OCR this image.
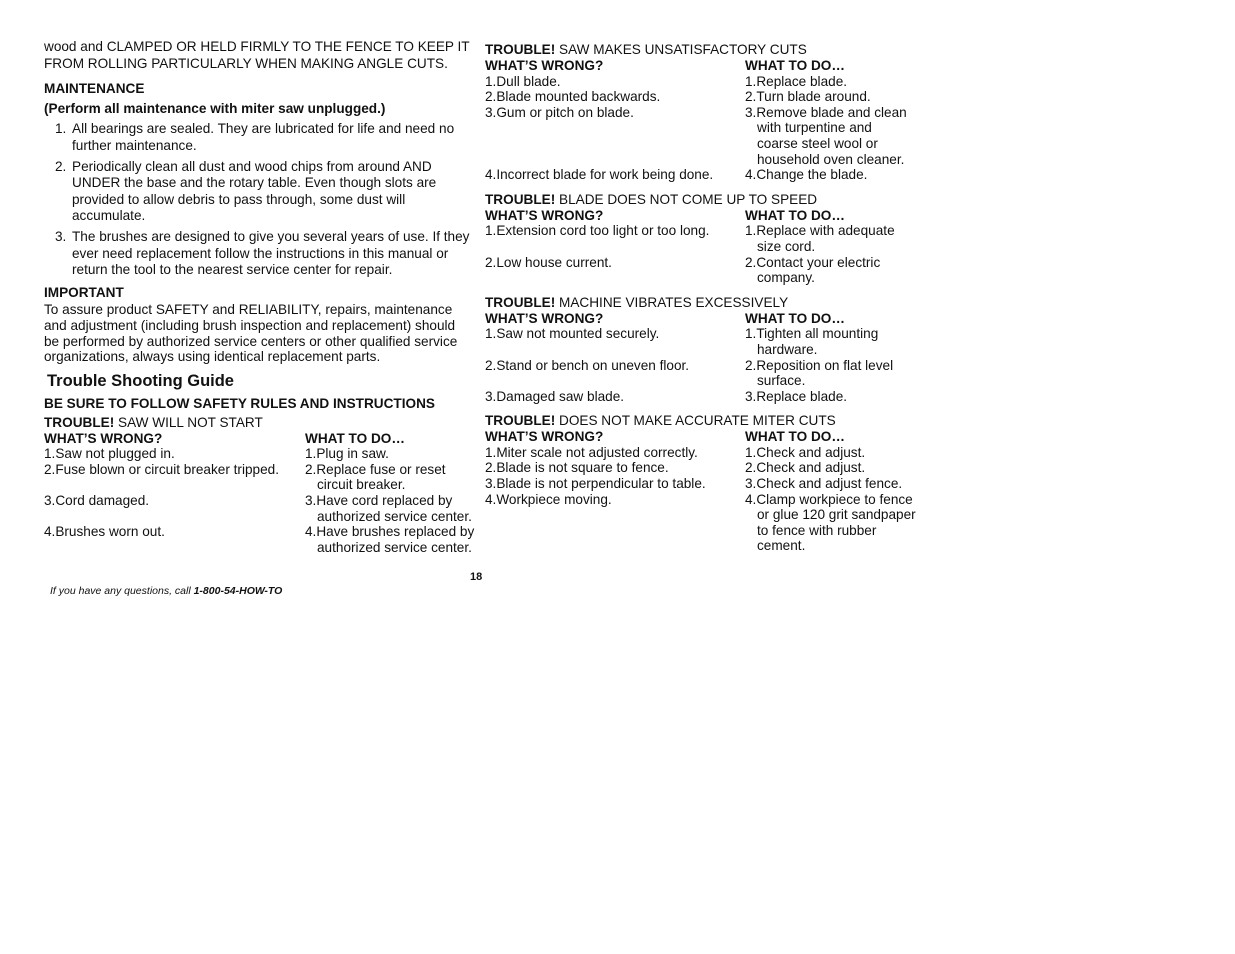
wood and CLAMPED OR HELD FIRMLY TO THE FENCE TO KEEP IT FROM ROLLING PARTICULARLY WHEN MAKING ANGLE CUTS.

MAINTENANCE

(Perform all maintenance with miter saw unplugged.)

1. All bearings are sealed. They are lubricated for life and need no further maintenance.
2. Periodically clean all dust and wood chips from around AND UNDER the base and the rotary table. Even though slots are provided to allow debris to pass through, some dust will accumulate.
3. The brushes are designed to give you several years of use. If they ever need replacement follow the instructions in this manual or return the tool to the nearest service center for repair.

IMPORTANT

To assure product SAFETY and RELIABILITY, repairs, maintenance and adjustment (including brush inspection and replacement) should be performed by authorized service centers or other qualified service organizations, always using identical replacement parts.

Trouble Shooting Guide

BE SURE TO FOLLOW SAFETY RULES AND INSTRUCTIONS

TROUBLE! SAW WILL NOT START

WHAT’S WRONG?	WHAT TO DO…
1.Saw not plugged in.	1.Plug in saw.
2.Fuse blown or circuit breaker tripped.	2.Replace fuse or reset circuit breaker.
3.Cord damaged.	3.Have cord replaced by authorized service center.
4.Brushes worn out.	4.Have brushes replaced by authorized service center.

TROUBLE! SAW MAKES UNSATISFACTORY CUTS

WHAT’S WRONG?	WHAT TO DO…
1.Dull blade.	1.Replace blade.
2.Blade mounted backwards.	2.Turn blade around.
3.Gum or pitch on blade.	3.Remove blade and clean with turpentine and coarse steel wool or household oven cleaner.
4.Incorrect blade for work being done.	4.Change the blade.

TROUBLE! BLADE DOES NOT COME UP TO SPEED

WHAT’S WRONG?	WHAT TO DO…
1.Extension cord too light or too long.	1.Replace with adequate size cord.
2.Low house current.	2.Contact your electric company.

TROUBLE! MACHINE VIBRATES EXCESSIVELY

WHAT’S WRONG?	WHAT TO DO…
1.Saw not mounted securely.	1.Tighten all mounting hardware.
2.Stand or bench on uneven floor.	2.Reposition on flat level surface.
3.Damaged saw blade.	3.Replace blade.

TROUBLE! DOES NOT MAKE ACCURATE MITER CUTS

WHAT’S WRONG?	WHAT TO DO…
1.Miter scale not adjusted correctly.	1.Check and adjust.
2.Blade is not square to fence.	2.Check and adjust.
3.Blade is not perpendicular to table.	3.Check and adjust fence.
4.Workpiece moving.	4.Clamp workpiece to fence or glue 120 grit sandpaper to fence with rubber cement.
18
If you have any questions, call 1-800-54-HOW-TO
